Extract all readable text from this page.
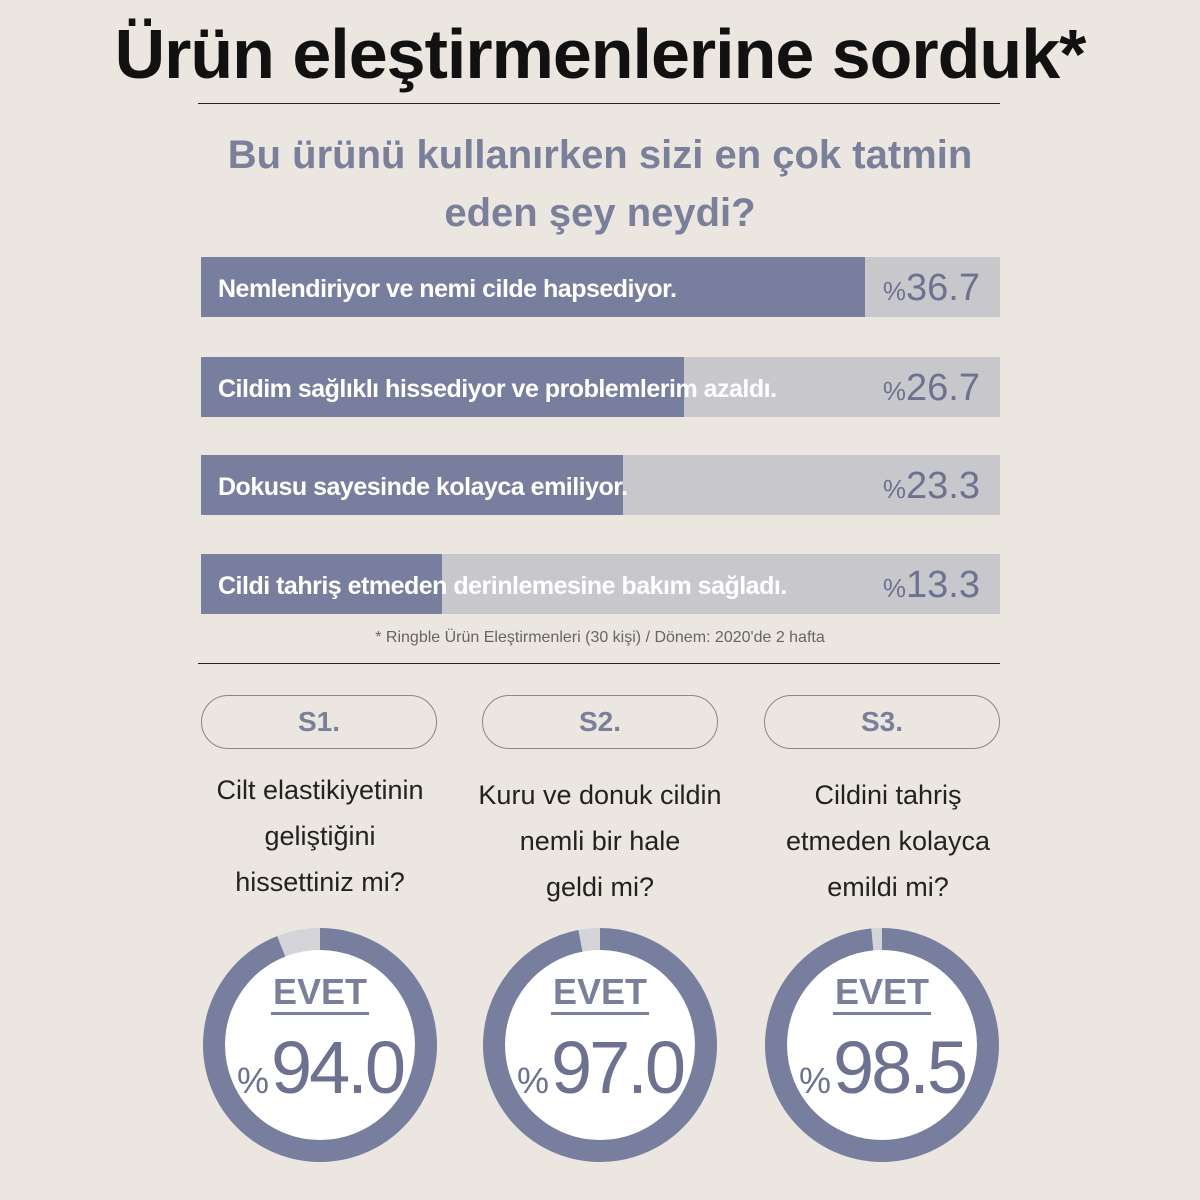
Ürün eleştirmenlerine sorduk*
Bu ürünü kullanırken sizi en çok tatmin
eden şey neydi?
Nemlendiriyor ve nemi cilde hapsediyor.	%36.7
Cildim sağlıklı hissediyor ve problemlerim azaldı.	%26.7
Dokusu sayesinde kolayca emiliyor.	%23.3
Cildi tahriş etmeden derinlemesine bakım sağladı.	%13.3
* Ringble Ürün Eleştirmenleri (30 kişi) / Dönem: 2020'de 2 hafta
S1.
Cilt elastikiyetinin
geliştiğini
hissettiniz mi?
EVET
%94.0
S2.
Kuru ve donuk cildin
nemli bir hale
geldi mi?
EVET
%97.0
S3.
Cildini tahriş
etmeden kolayca
emildi mi?
EVET
%98.5
